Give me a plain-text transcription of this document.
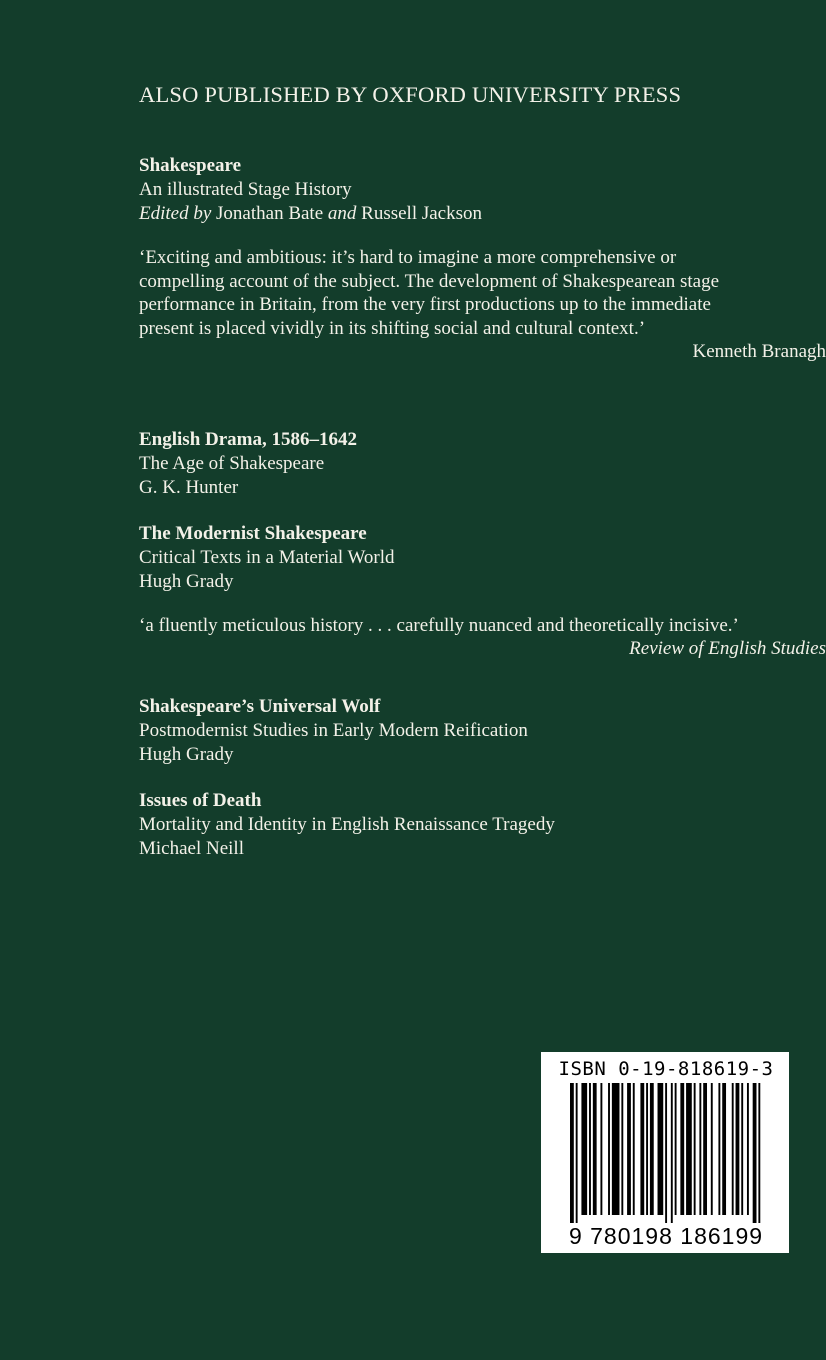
ALSO PUBLISHED BY OXFORD UNIVERSITY PRESS
Shakespeare
An illustrated Stage History
Edited by Jonathan Bate and Russell Jackson
‘Exciting and ambitious: it’s hard to imagine a more comprehensive or
compelling account of the subject. The development of Shakespearean stage
performance in Britain, from the very first productions up to the immediate
present is placed vividly in its shifting social and cultural context.’
Kenneth Branagh
English Drama, 1586–1642
The Age of Shakespeare
G. K. Hunter
The Modernist Shakespeare
Critical Texts in a Material World
Hugh Grady
‘a fluently meticulous history . . . carefully nuanced and theoretically incisive.’
Review of English Studies
Shakespeare’s Universal Wolf
Postmodernist Studies in Early Modern Reification
Hugh Grady
Issues of Death
Mortality and Identity in English Renaissance Tragedy
Michael Neill
ISBN 0-19-818619-3
9 780198 186199
